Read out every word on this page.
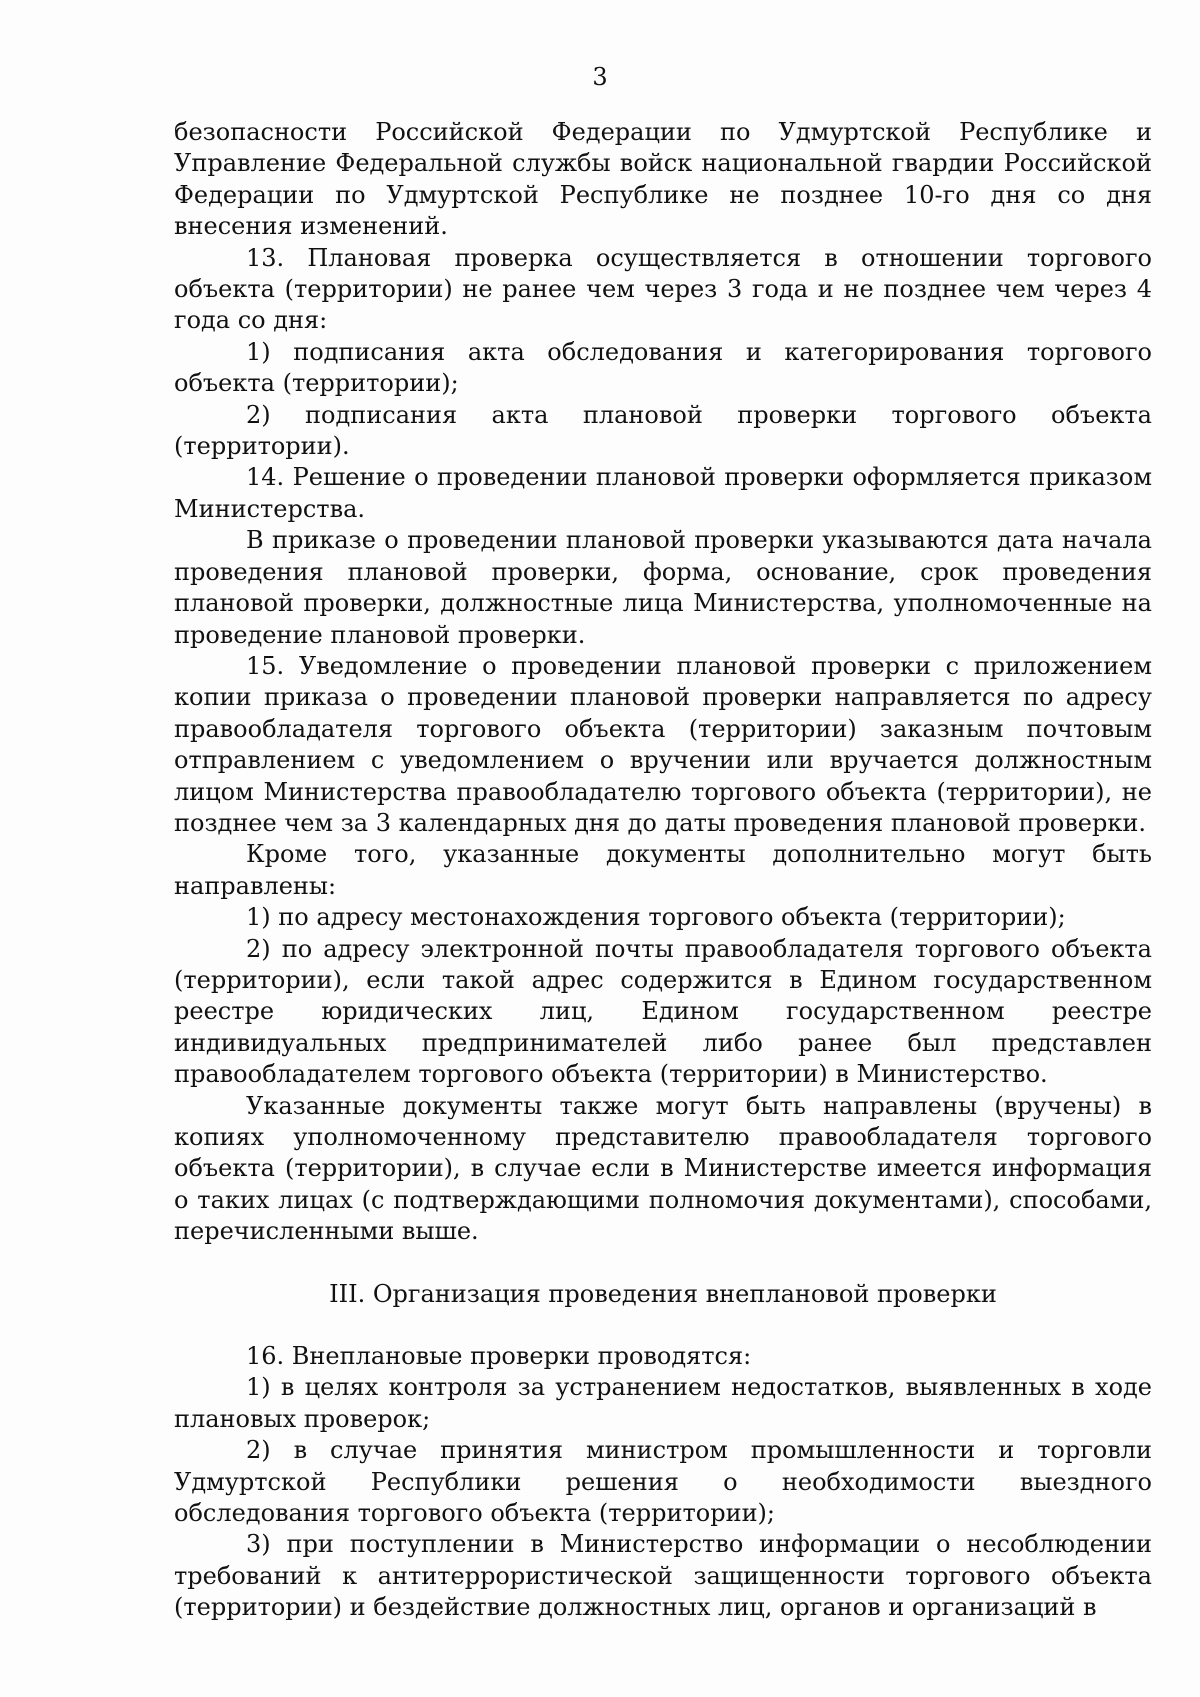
3

безопасности Российской Федерации по Удмуртской Республике и Управление Федеральной службы войск национальной гвардии Российской Федерации по Удмуртской Республике не позднее 10-го дня со дня внесения изменений.

13. Плановая проверка осуществляется в отношении торгового объекта (территории) не ранее чем через 3 года и не позднее чем через 4 года со дня:

1) подписания акта обследования и категорирования торгового объекта (территории);

2) подписания акта плановой проверки торгового объекта (территории).

14. Решение о проведении плановой проверки оформляется приказом Министерства.

В приказе о проведении плановой проверки указываются дата начала проведения плановой проверки, форма, основание, срок проведения плановой проверки, должностные лица Министерства, уполномоченные на проведение плановой проверки.

15. Уведомление о проведении плановой проверки с приложением копии приказа о проведении плановой проверки направляется по адресу правообладателя торгового объекта (территории) заказным почтовым отправлением с уведомлением о вручении или вручается должностным лицом Министерства правообладателю торгового объекта (территории), не позднее чем за 3 календарных дня до даты проведения плановой проверки.

Кроме того, указанные документы дополнительно могут быть направлены:

1) по адресу местонахождения торгового объекта (территории);

2) по адресу электронной почты правообладателя торгового объекта (территории), если такой адрес содержится в Едином государственном реестре юридических лиц, Едином государственном реестре индивидуальных предпринимателей либо ранее был представлен правообладателем торгового объекта (территории) в Министерство.

Указанные документы также могут быть направлены (вручены) в копиях уполномоченному представителю правообладателя торгового объекта (территории), в случае если в Министерстве имеется информация о таких лицах (с подтверждающими полномочия документами), способами, перечисленными выше.

III. Организация проведения внеплановой проверки

16. Внеплановые проверки проводятся:

1) в целях контроля за устранением недостатков, выявленных в ходе плановых проверок;

2) в случае принятия министром промышленности и торговли Удмуртской Республики решения о необходимости выездного обследования торгового объекта (территории);

3) при поступлении в Министерство информации о несоблюдении требований к антитеррористической защищенности торгового объекта (территории) и бездействие должностных лиц, органов и организаций в
